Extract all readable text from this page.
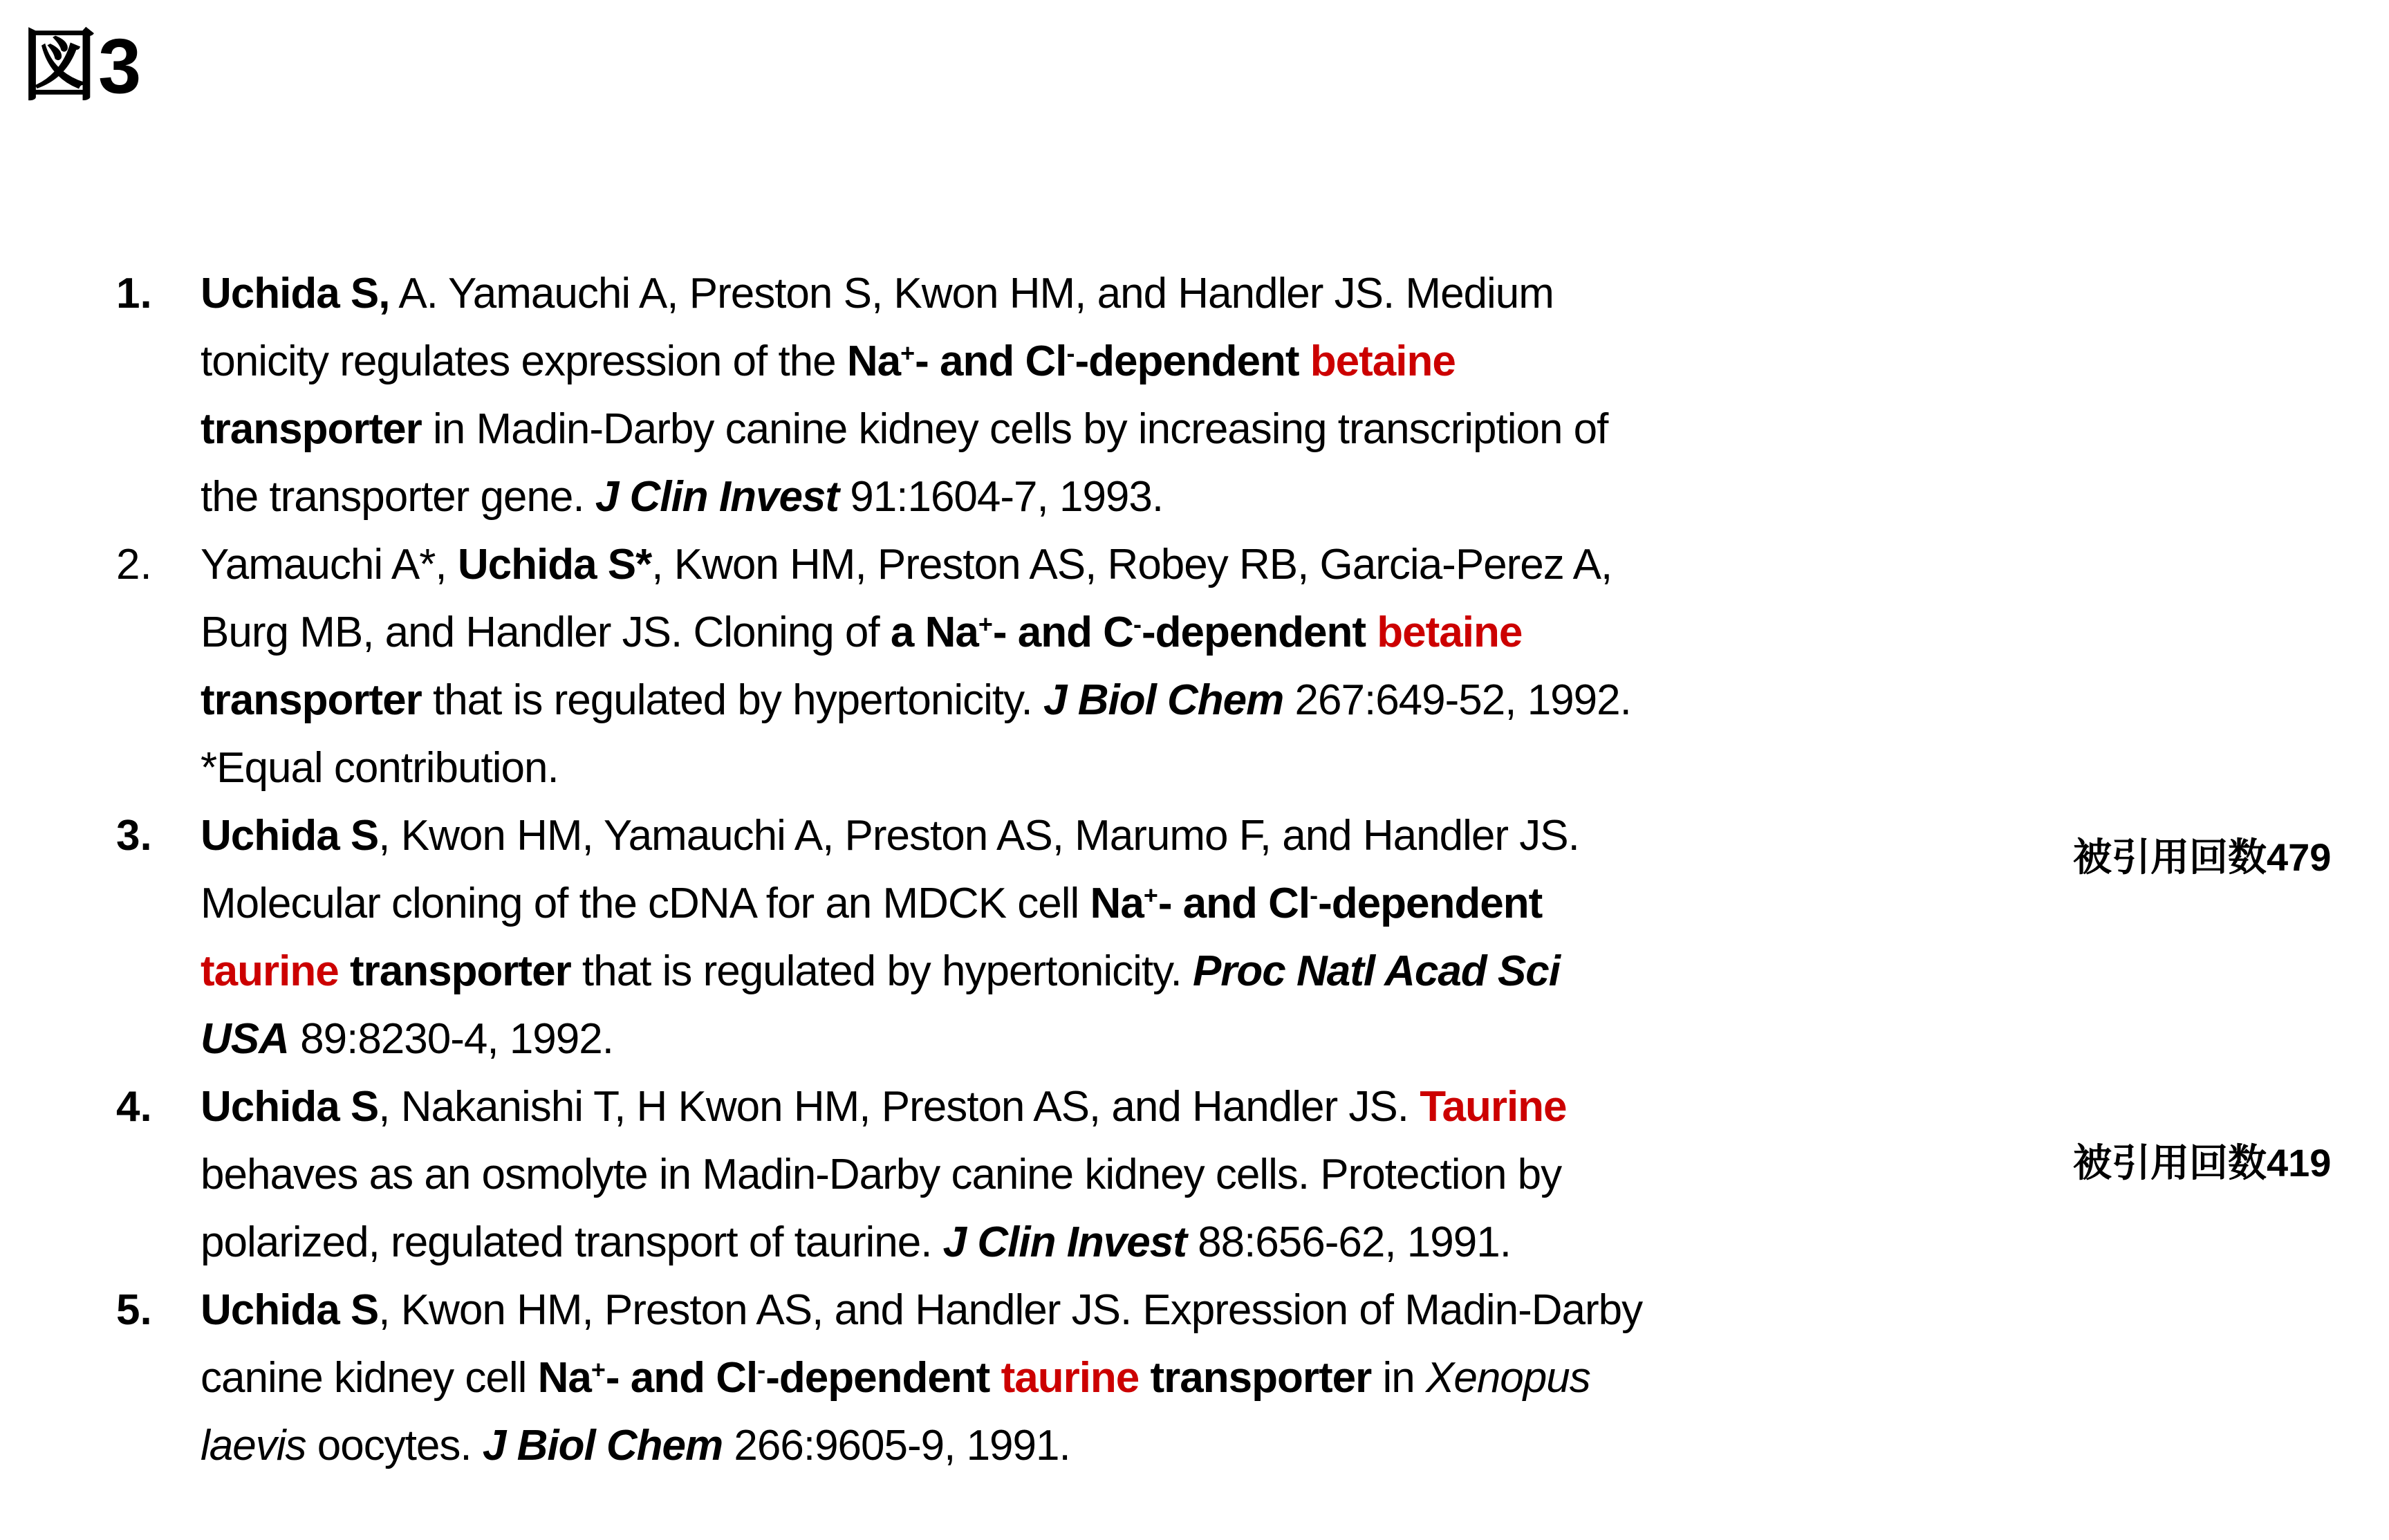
図3
1.	Uchida S, A. Yamauchi A, Preston S, Kwon HM, and Handler JS. Medium
tonicity regulates expression of the Na+- and Cl--dependent betaine
transporter in Madin-Darby canine kidney cells by increasing transcription of
the transporter gene. J Clin Invest 91:1604-7, 1993.
2.	Yamauchi A*, Uchida S*, Kwon HM, Preston AS, Robey RB, Garcia-Perez A,
Burg MB, and Handler JS. Cloning of a Na+- and C--dependent betaine
transporter that is regulated by hypertonicity. J Biol Chem 267:649-52, 1992.
*Equal contribution.
3.	Uchida S, Kwon HM, Yamauchi A, Preston AS, Marumo F, and Handler JS.
Molecular cloning of the cDNA for an MDCK cell Na+- and Cl--dependent
taurine transporter that is regulated by hypertonicity. Proc Natl Acad Sci
USA 89:8230-4, 1992.
4.	Uchida S, Nakanishi T, H Kwon HM, Preston AS, and Handler JS. Taurine
behaves as an osmolyte in Madin-Darby canine kidney cells. Protection by
polarized, regulated transport of taurine. J Clin Invest 88:656-62, 1991.
5.	Uchida S, Kwon HM, Preston AS, and Handler JS. Expression of Madin-Darby
canine kidney cell Na+- and Cl--dependent taurine transporter in Xenopus
laevis oocytes. J Biol Chem 266:9605-9, 1991.
被引用回数479
被引用回数419
